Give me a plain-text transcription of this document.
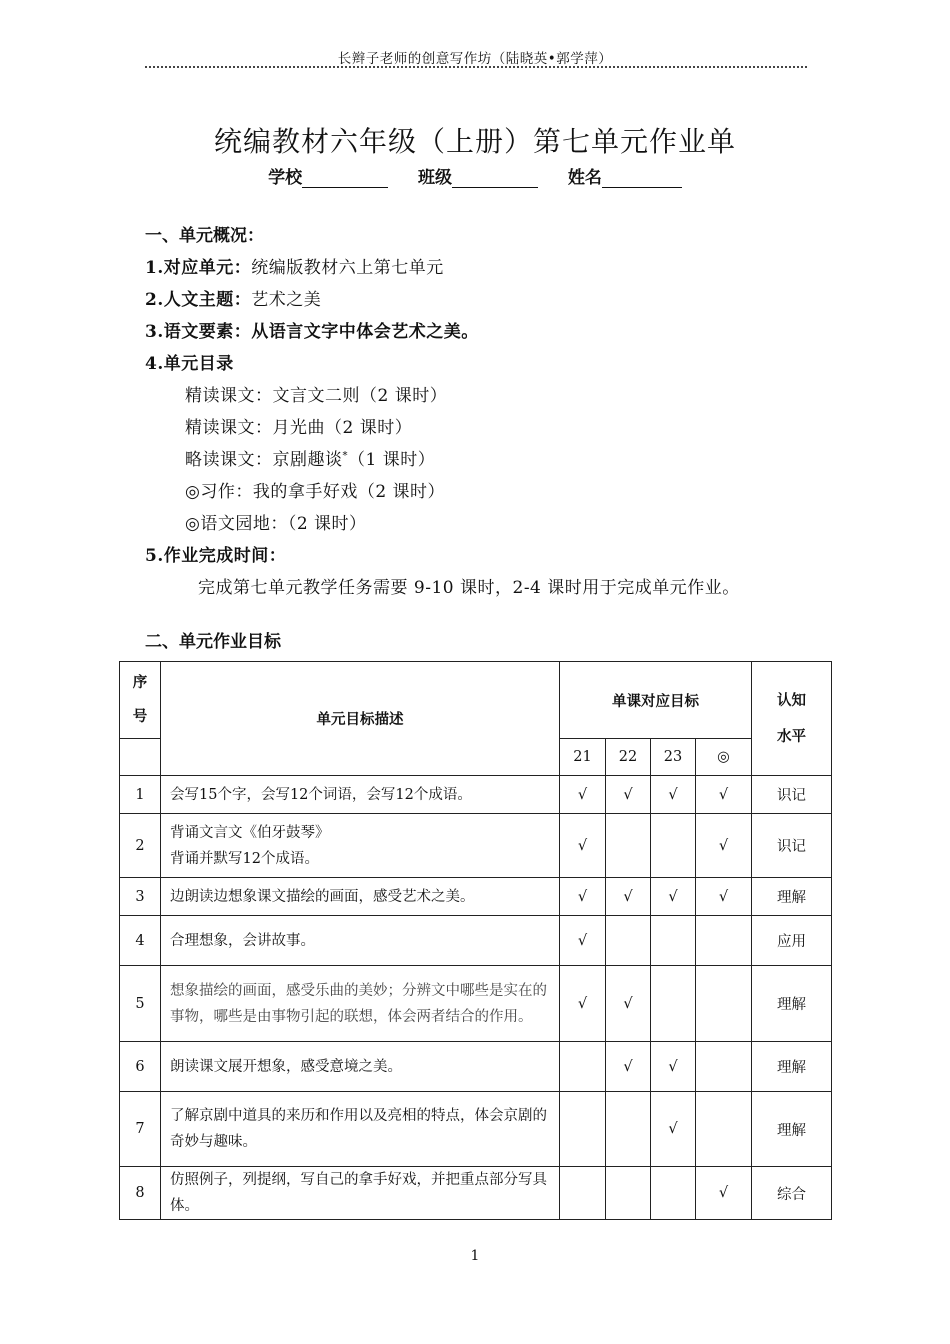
长辫子老师的创意写作坊（陆晓英•郭学萍）
统编教材六年级（上册）第七单元作业单
学校	班级	姓名
一、单元概况：
1.对应单元：统编版教材六上第七单元
2.人文主题：艺术之美
3.语文要素：从语言文字中体会艺术之美。
4.单元目录
精读课文：文言文二则（2 课时）
精读课文：月光曲（2 课时）
略读课文：京剧趣谈*（1 课时）
◎习作：我的拿手好戏（2 课时）
◎语文园地：（2 课时）
5.作业完成时间：
完成第七单元教学任务需要 9-10 课时，2-4 课时用于完成单元作业。
二、单元作业目标
序
号	单元目标描述	单课对应目标				认知
水平
		21	22	23	◎	
1	会写15个字，会写12个词语，会写12个成语。	√	√	√	√	识记
2	背诵文言文《伯牙鼓琴》
背诵并默写12个成语。	√			√	识记
3	边朗读边想象课文描绘的画面，感受艺术之美。	√	√	√	√	理解
4	合理想象，会讲故事。	√				应用
5	想象描绘的画面，感受乐曲的美妙；分辨文中哪些是实在的事物，哪些是由事物引起的联想，体会两者结合的作用。	√	√			理解
6	朗读课文展开想象，感受意境之美。		√	√		理解
7	了解京剧中道具的来历和作用以及亮相的特点，体会京剧的奇妙与趣味。			√		理解
8	仿照例子，列提纲，写自己的拿手好戏，并把重点部分写具体。				√	综合
1
